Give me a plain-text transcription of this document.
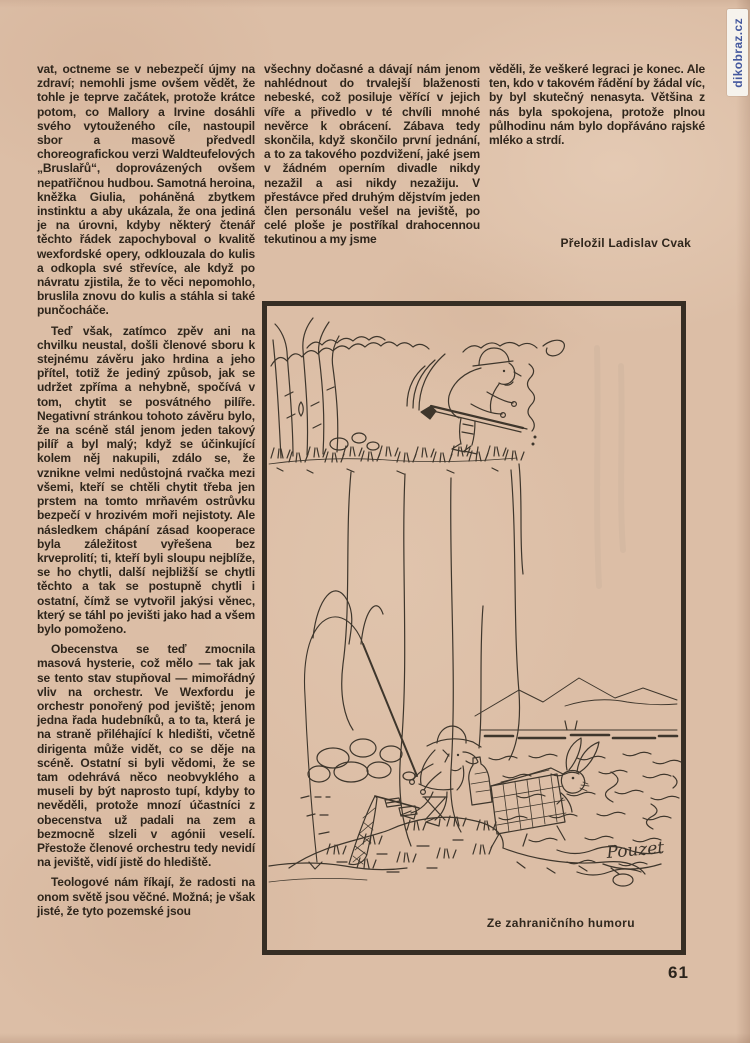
vat, octneme se v nebezpečí újmy na zdraví; nemohli jsme ovšem vědět, že tohle je teprve začátek, protože krátce potom, co Mallory a Irvine dosáhli svého vytouženého cíle, nastoupil sbor a masově předvedl choreografickou verzi Waldteufelových „Bruslařů“, doprovázených ovšem nepatřičnou hudbou. Samotná heroina, kněžka Giulia, poháněná zbytkem instinktu a aby ukázala, že ona jediná je na úrovni, kdyby některý čtenář těchto řádek zapochyboval o kvalitě wexfordské opery, odklouzala do kulis a odkopla své střevíce, ale když po návratu zjistila, že to věci nepomohlo, bruslila znovu do kulis a stáhla si také punčocháče.

Teď však, zatímco zpěv ani na chvilku neustal, došli členové sboru k stejnému závěru jako hrdina a jeho přítel, totiž že jediný způsob, jak se udržet zpříma a nehybně, spočívá v tom, chytit se posvátného pilíře. Negativní stránkou tohoto závěru bylo, že na scéně stál jenom jeden takový pilíř a byl malý; když se účinkující kolem něj nakupili, zdálo se, že vznikne velmi nedůstojná rvačka mezi všemi, kteří se chtěli chytit třeba jen prstem na tomto mrňavém ostrůvku bezpečí v hrozivém moři nejistoty. Ale následkem chápání zásad kooperace byla záležitost vyřešena bez krveprolití; ti, kteří byli sloupu nejblíže, se ho chytli, další nejbližší se chytli těchto a tak se postupně chytli i ostatní, čímž se vytvořil jakýsi věnec, který se táhl po jevišti jako had a všem bylo pomoženo.

Obecenstva se teď zmocnila masová hysterie, což mělo — tak jak se tento stav stupňoval — mimořádný vliv na orchestr. Ve Wexfordu je orchestr ponořený pod jeviště; jenom jedna řada hudebníků, a to ta, která je na straně přiléhající k hledišti, včetně dirigenta může vidět, co se děje na scéně. Ostatní si byli vědomi, že se tam odehrává něco neobvyklého a museli by být naprosto tupí, kdyby to nevěděli, protože mnozí účastníci z obecenstva už padali na zem a bezmocně slzeli v agónii veselí. Přestože členové orchestru tedy nevidí na jeviště, vidí jistě do hlediště.

Teologové nám říkají, že radosti na onom světě jsou věčné. Možná; je však jisté, že tyto pozemské jsou

všechny dočasné a dávají nám jenom nahlédnout do trvalejší blaženosti nebeské, což posiluje věřící v jejich víře a přivedlo v té chvíli mnohé nevěrce k obrácení. Zábava tedy skončila, když skončilo první jednání, a to za takového pozdvižení, jaké jsem v žádném operním divadle nikdy nezažil a asi nikdy nezažiju. V přestávce před druhým dějstvím jeden člen personálu vešel na jeviště, po celé ploše je postříkal drahocennou tekutinou a my jsme

věděli, že veškeré legraci je konec. Ale ten, kdo v takovém řádění by žádal víc, by byl skutečný nenasyta. Většina z nás byla spokojena, protože plnou půlhodinu nám bylo dopřáváno rajské mléko a strdí.

Přeložil Ladislav Cvak
Pouzet
Ze zahraničního humoru
61
dikobraz.cz
